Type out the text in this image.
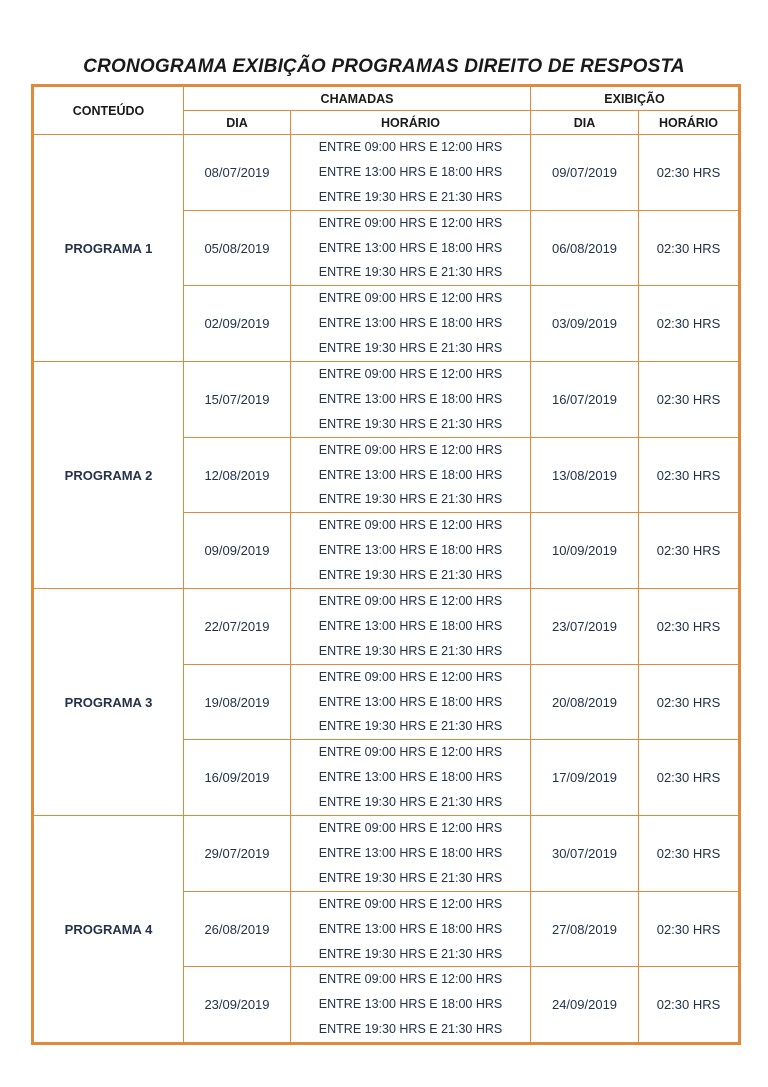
CRONOGRAMA EXIBIÇÃO PROGRAMAS DIREITO DE RESPOSTA
CONTEÚDO	CHAMADAS		EXIBIÇÃO	
	DIA	HORÁRIO	DIA	HORÁRIO
PROGRAMA 1	08/07/2019	ENTRE 09:00 HRS E 12:00 HRS
ENTRE 13:00 HRS E 18:00 HRS
ENTRE 19:30 HRS E 21:30 HRS	09/07/2019	02:30 HRS
	05/08/2019	ENTRE 09:00 HRS E 12:00 HRS
ENTRE 13:00 HRS E 18:00 HRS
ENTRE 19:30 HRS E 21:30 HRS	06/08/2019	02:30 HRS
	02/09/2019	ENTRE 09:00 HRS E 12:00 HRS
ENTRE 13:00 HRS E 18:00 HRS
ENTRE 19:30 HRS E 21:30 HRS	03/09/2019	02:30 HRS
PROGRAMA 2	15/07/2019	ENTRE 09:00 HRS E 12:00 HRS
ENTRE 13:00 HRS E 18:00 HRS
ENTRE 19:30 HRS E 21:30 HRS	16/07/2019	02:30 HRS
	12/08/2019	ENTRE 09:00 HRS E 12:00 HRS
ENTRE 13:00 HRS E 18:00 HRS
ENTRE 19:30 HRS E 21:30 HRS	13/08/2019	02:30 HRS
	09/09/2019	ENTRE 09:00 HRS E 12:00 HRS
ENTRE 13:00 HRS E 18:00 HRS
ENTRE 19:30 HRS E 21:30 HRS	10/09/2019	02:30 HRS
PROGRAMA 3	22/07/2019	ENTRE 09:00 HRS E 12:00 HRS
ENTRE 13:00 HRS E 18:00 HRS
ENTRE 19:30 HRS E 21:30 HRS	23/07/2019	02:30 HRS
	19/08/2019	ENTRE 09:00 HRS E 12:00 HRS
ENTRE 13:00 HRS E 18:00 HRS
ENTRE 19:30 HRS E 21:30 HRS	20/08/2019	02:30 HRS
	16/09/2019	ENTRE 09:00 HRS E 12:00 HRS
ENTRE 13:00 HRS E 18:00 HRS
ENTRE 19:30 HRS E 21:30 HRS	17/09/2019	02:30 HRS
PROGRAMA 4	29/07/2019	ENTRE 09:00 HRS E 12:00 HRS
ENTRE 13:00 HRS E 18:00 HRS
ENTRE 19:30 HRS E 21:30 HRS	30/07/2019	02:30 HRS
	26/08/2019	ENTRE 09:00 HRS E 12:00 HRS
ENTRE 13:00 HRS E 18:00 HRS
ENTRE 19:30 HRS E 21:30 HRS	27/08/2019	02:30 HRS
	23/09/2019	ENTRE 09:00 HRS E 12:00 HRS
ENTRE 13:00 HRS E 18:00 HRS
ENTRE 19:30 HRS E 21:30 HRS	24/09/2019	02:30 HRS
